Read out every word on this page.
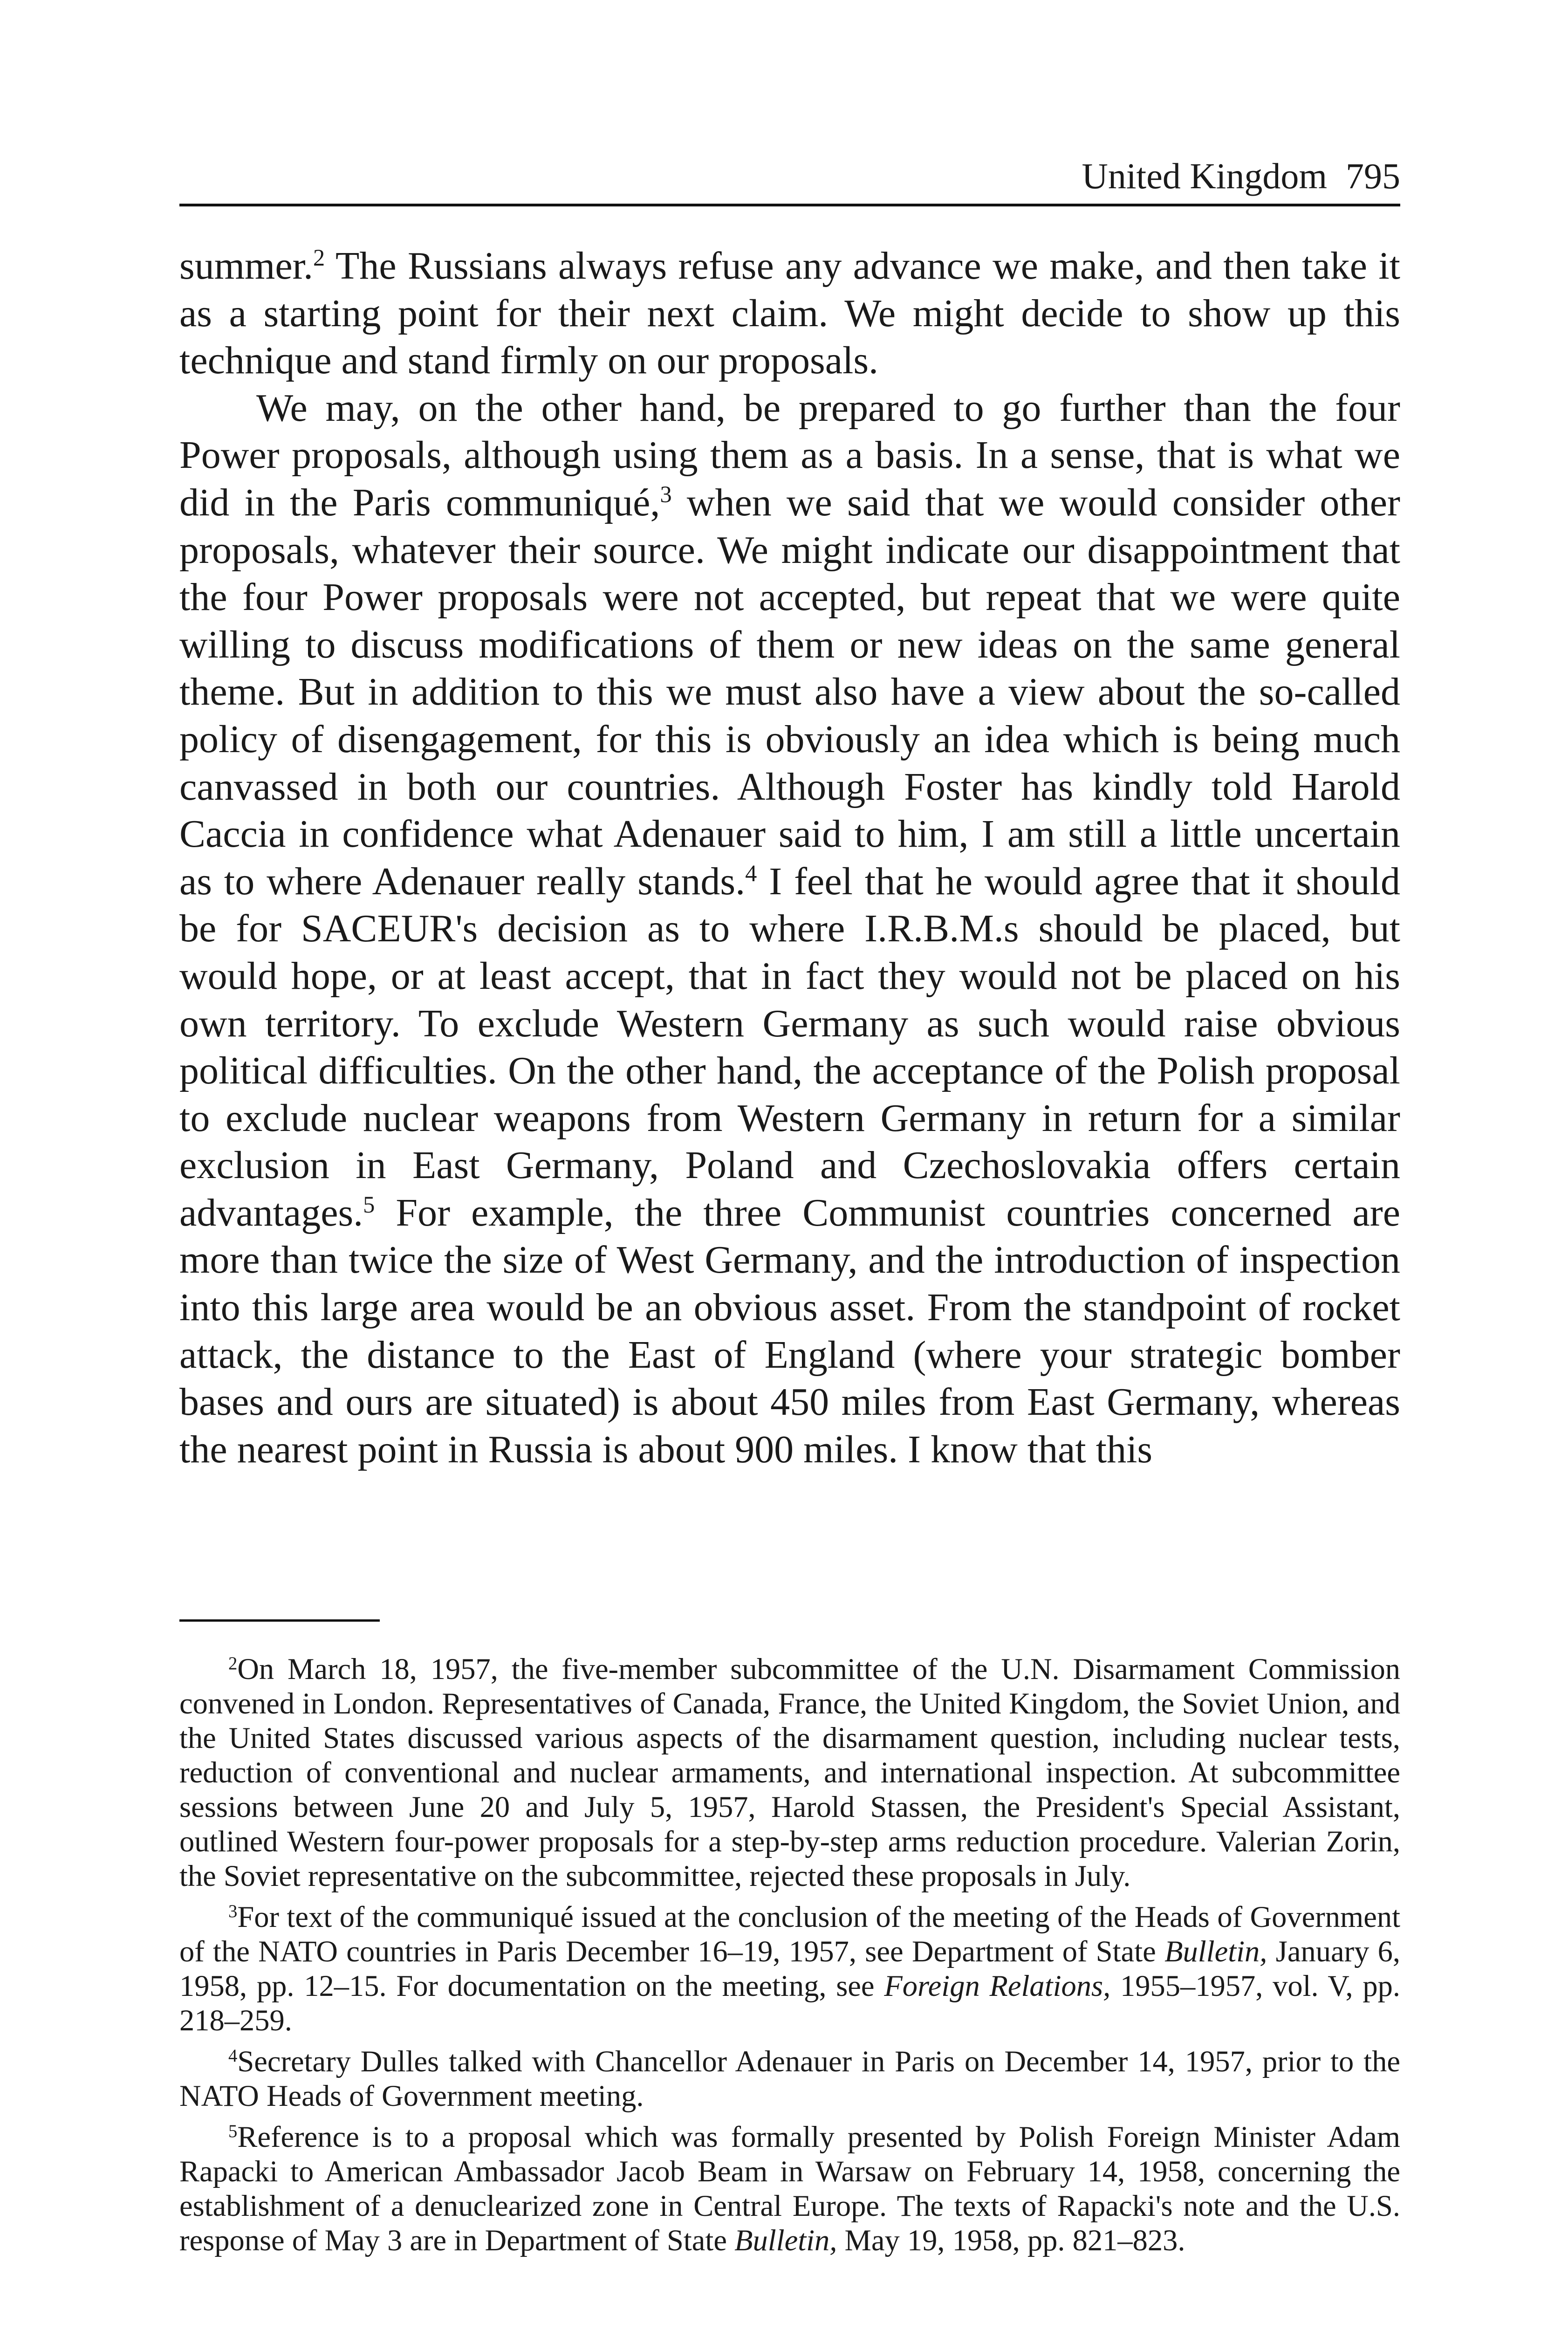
United Kingdom 795

summer.$^2$ The Russians always refuse any advance we make, and then take it as a starting point for their next claim. We might decide to show up this technique and stand firmly on our proposals.

We may, on the other hand, be prepared to go further than the four Power proposals, although using them as a basis. In a sense, that is what we did in the Paris communiqué,$^3$ when we said that we would consider other proposals, whatever their source. We might indicate our disappointment that the four Power proposals were not accepted, but repeat that we were quite willing to discuss modifications of them or new ideas on the same general theme. But in addition to this we must also have a view about the so-called policy of disengagement, for this is obviously an idea which is being much canvassed in both our countries. Although Foster has kindly told Harold Caccia in confidence what Adenauer said to him, I am still a little uncertain as to where Adenauer really stands.$^4$ I feel that he would agree that it should be for SACEUR's decision as to where I.R.B.M.s should be placed, but would hope, or at least accept, that in fact they would not be placed on his own territory. To exclude Western Germany as such would raise obvious political difficulties. On the other hand, the acceptance of the Polish proposal to exclude nuclear weapons from Western Germany in return for a similar exclusion in East Germany, Poland and Czechoslovakia offers certain advantages.$^5$ For example, the three Communist countries concerned are more than twice the size of West Germany, and the introduction of inspection into this large area would be an obvious asset. From the standpoint of rocket attack, the distance to the East of England (where your strategic bomber bases and ours are situated) is about 450 miles from East Germany, whereas the nearest point in Russia is about 900 miles. I know that this

$^2$On March 18, 1957, the five-member subcommittee of the U.N. Disarmament Commission convened in London. Representatives of Canada, France, the United Kingdom, the Soviet Union, and the United States discussed various aspects of the disarmament question, including nuclear tests, reduction of conventional and nuclear armaments, and international inspection. At subcommittee sessions between June 20 and July 5, 1957, Harold Stassen, the President's Special Assistant, outlined Western four-power proposals for a step-by-step arms reduction procedure. Valerian Zorin, the Soviet representative on the subcommittee, rejected these proposals in July.

$^3$For text of the communiqué issued at the conclusion of the meeting of the Heads of Government of the NATO countries in Paris December 16–19, 1957, see Department of State Bulletin, January 6, 1958, pp. 12–15. For documentation on the meeting, see Foreign Relations, 1955–1957, vol. V, pp. 218–259.

$^4$Secretary Dulles talked with Chancellor Adenauer in Paris on December 14, 1957, prior to the NATO Heads of Government meeting.

$^5$Reference is to a proposal which was formally presented by Polish Foreign Minister Adam Rapacki to American Ambassador Jacob Beam in Warsaw on February 14, 1958, concerning the establishment of a denuclearized zone in Central Europe. The texts of Rapacki's note and the U.S. response of May 3 are in Department of State Bulletin, May 19, 1958, pp. 821–823.
